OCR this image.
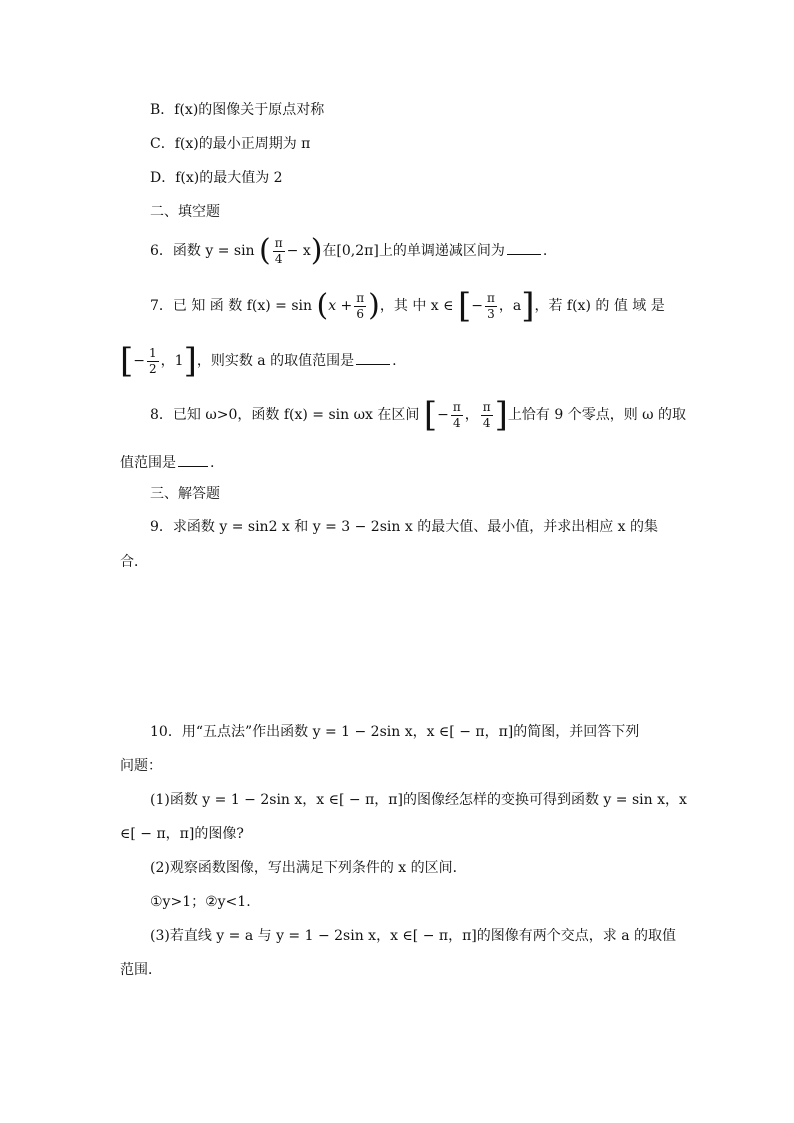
B．f(x)的图像关于原点对称
C．f(x)的最小正周期为 π
D．f(x)的最大值为 2
二、填空题
6．函数 y = sin ( $\frac{\pi}{4} - x$)在[0,2π]上的单调递减区间为	.
7．已 知 函 数 $f(x) = \sin (x + \frac{\pi}{6}$ )，其 中 x ∈ [− $\frac{\pi}{3}$ ，a]，若 f(x) 的 值 域 是
[− $\frac{1}{2}$ ，1]，则实数 a 的取值范围是	.
8．已知 ω>0，函数 f(x) = sin ωx 在区间 [− $\frac{\pi}{4}$ ， $\frac{\pi}{4}$ ]上恰有 9 个零点，则 ω 的取
值范围是 .
三、解答题
9．求函数 y = sin2 x 和 y = 3 − 2sin x 的最大值、最小值，并求出相应 x 的集
合．
10．用“五点法”作出函数 y = 1 − 2sin x，x ∈[ − π，π]的简图，并回答下列
问题：
(1)函数 y = 1 − 2sin x，x ∈[ − π，π]的图像经怎样的变换可得到函数 y = sin x，x
∈[ − π，π]的图像?
(2)观察函数图像，写出满足下列条件的 x 的区间．
①y>1；②y<1.
(3)若直线 y = a 与 y = 1 − 2sin x，x ∈[ − π，π]的图像有两个交点，求 a 的取值
范围．
